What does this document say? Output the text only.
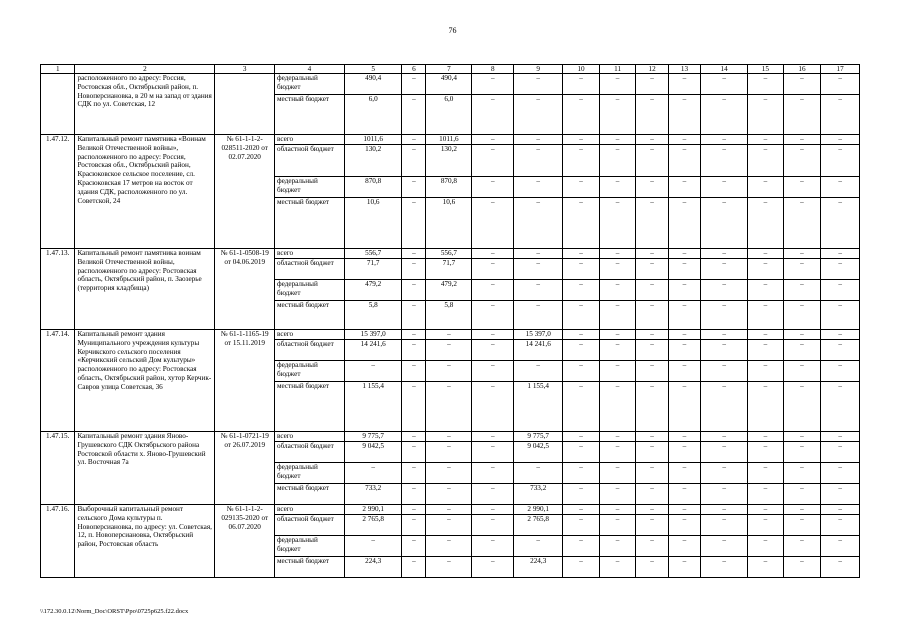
76
1	2	3	4	5	6	7	8	9	10	11	12	13	14	15	16	17
	расположенного по адресу: Россия, Ростовская обл., Октябрьский район, п. Новоперсиановка, в 20 м на запад от здания СДК по ул. Советская, 12		федеральный бюджет	490,4	–	490,4	–	–	–	–	–	–	–	–	–	–
			местный бюджет	6,0	–	6,0	–	–	–	–	–	–	–	–	–	–
1.47.12.	Капитальный ремонт памятника «Воинам Великой Отечественной войны», расположенного по адресу: Россия, Ростовская обл., Октябрьский район, Красюковское сельское поселение, сл. Красюковская 17 метров на восток от здания СДК, расположенного по ул. Советской, 24	№ 61-1-1-2-028511-2020 от 02.07.2020	всего	1011,6	–	1011,6	–	–	–	–	–	–	–	–	–	–
			областной бюджет	130,2	–	130,2	–	–	–	–	–	–	–	–	–	–
			федеральный бюджет	870,8	–	870,8	–	–	–	–	–	–	–	–	–	–
			местный бюджет	10,6	–	10,6	–	–	–	–	–	–	–	–	–	–
1.47.13.	Капитальный ремонт памятника воинам Великой Отечественной войны, расположенного по адресу: Ростовская область, Октябрьский район, п. Заозерье (территория кладбища)	№ 61-1-0508-19 от 04.06.2019	всего	556,7	–	556,7	–	–	–	–	–	–	–	–	–	–
			областной бюджет	71,7	–	71,7	–	–	–	–	–	–	–	–	–	–
			федеральный бюджет	479,2	–	479,2	–	–	–	–	–	–	–	–	–	–
			местный бюджет	5,8	–	5,8	–	–	–	–	–	–	–	–	–	–
1.47.14.	Капитальный ремонт здания Муниципального учреждения культуры Керчикского сельского поселения «Керчикский сельский Дом культуры» расположенного по адресу: Ростовская область, Октябрьский район, хутор Керчик-Савров улица Советская, 36	№ 61-1-1165-19 от 15.11.2019	всего	15 397,0	–	–	–	15 397,0	–	–	–	–	–	–	–	–
			областной бюджет	14 241,6	–	–	–	14 241,6	–	–	–	–	–	–	–	–
			федеральный бюджет	–	–	–	–	–	–	–	–	–	–	–	–	–
			местный бюджет	1 155,4	–	–	–	1 155,4	–	–	–	–	–	–	–	–
1.47.15.	Капитальный ремонт здания Яново-Грушевского СДК Октябрьского района Ростовской области х. Яново-Грушевский ул. Восточная 7а	№ 61-1-0721-19 от 26.07.2019	всего	9 775,7	–	–	–	9 775,7	–	–	–	–	–	–	–	–
			областной бюджет	9 042,5	–	–	–	9 042,5	–	–	–	–	–	–	–	–
			федеральный бюджет	–	–	–	–	–	–	–	–	–	–	–	–	–
			местный бюджет	733,2	–	–	–	733,2	–	–	–	–	–	–	–	–
1.47.16.	Выборочный капитальный ремонт сельского Дома культуры п. Новоперсиановка, по адресу: ул. Советская, 12, п. Новоперсиановка, Октябрьский район, Ростовская область	№ 61-1-1-2-029135-2020 от 06.07.2020	всего	2 990,1	–	–	–	2 990,1	–	–	–	–	–	–	–	–
			областной бюджет	2 765,8	–	–	–	2 765,8	–	–	–	–	–	–	–	–
			федеральный бюджет	–	–	–	–	–	–	–	–	–	–	–	–	–
			местный бюджет	224,3	–	–	–	224,3	–	–	–	–	–	–	–	–
\\172.30.0.12\Norm_Doc\ORST\Ppo\0725p625.f22.docx
